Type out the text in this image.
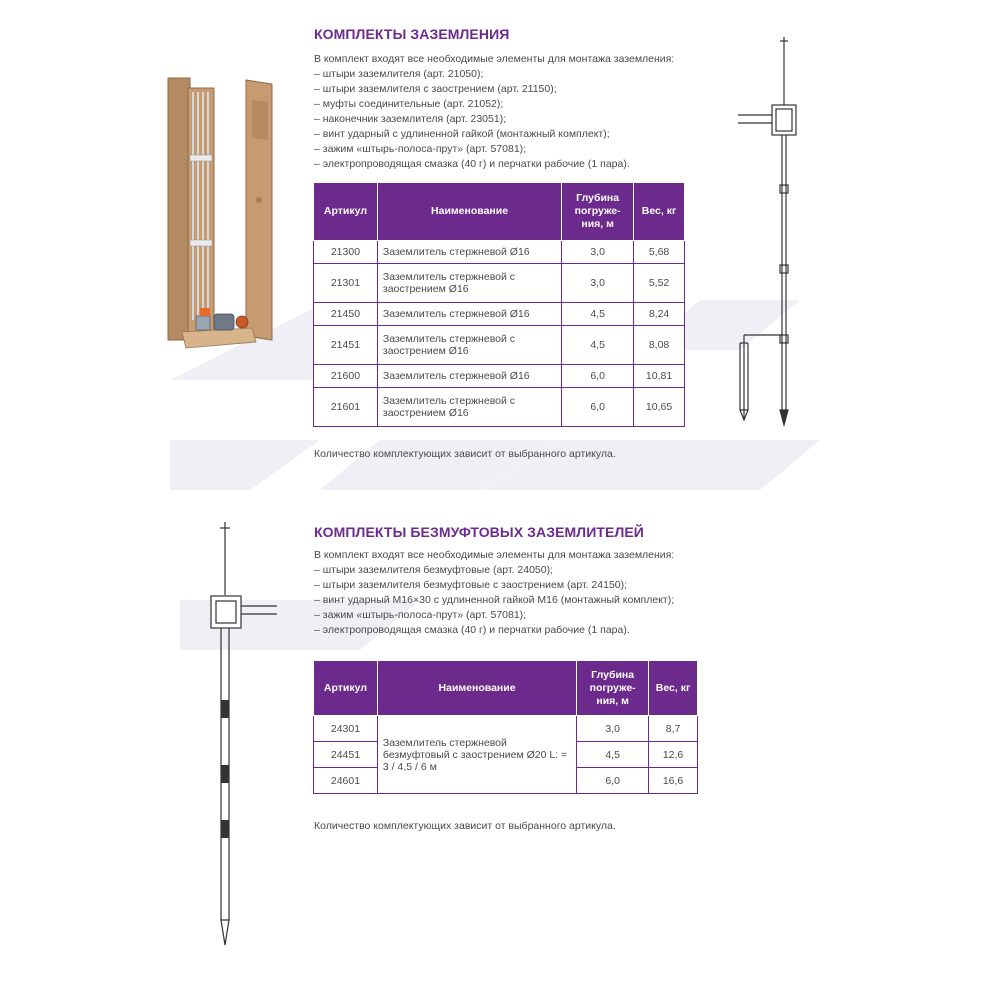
КОМПЛЕКТЫ ЗАЗЕМЛЕНИЯ
В комплект входят все необходимые элементы для монтажа заземления:
– штыри заземлителя (арт. 21050);
– штыри заземлителя с заострением (арт. 21150);
– муфты соединительные (арт. 21052);
– наконечник заземлителя (арт. 23051);
– винт ударный с удлиненной гайкой (монтажный комплект);
– зажим «штырь-полоса-прут» (арт. 57081);
– электропроводящая смазка (40 г) и перчатки рабочие (1 пара).
Артикул	Наименование	Глубина погруже-ния, м	Вес, кг
21300	Заземлитель стержневой Ø16	3,0	5,68
21301	Заземлитель стержневой с заострением Ø16	3,0	5,52
21450	Заземлитель стержневой Ø16	4,5	8,24
21451	Заземлитель стержневой с заострением Ø16	4,5	8,08
21600	Заземлитель стержневой Ø16	6,0	10,81
21601	Заземлитель стержневой с заострением Ø16	6,0	10,65
Количество комплектующих зависит от выбранного артикула.
КОМПЛЕКТЫ БЕЗМУФТОВЫХ ЗАЗЕМЛИТЕЛЕЙ
В комплект входят все необходимые элементы для монтажа заземления:
– штыри заземлителя безмуфтовые (арт. 24050);
– штыри заземлителя безмуфтовые с заострением (арт. 24150);
– винт ударный М16×30 с удлиненной гайкой М16 (монтажный комплект);
– зажим «штырь-полоса-прут» (арт. 57081);
– электропроводящая смазка (40 г) и перчатки рабочие (1 пара).
Артикул	Наименование	Глубина погруже-ния, м	Вес, кг
24301	Заземлитель стержневой безмуфтовый с заострением Ø20 L: = 3 / 4,5 / 6 м	3,0	8,7
24451		4,5	12,6
24601		6,0	16,6
Количество комплектующих зависит от выбранного артикула.
